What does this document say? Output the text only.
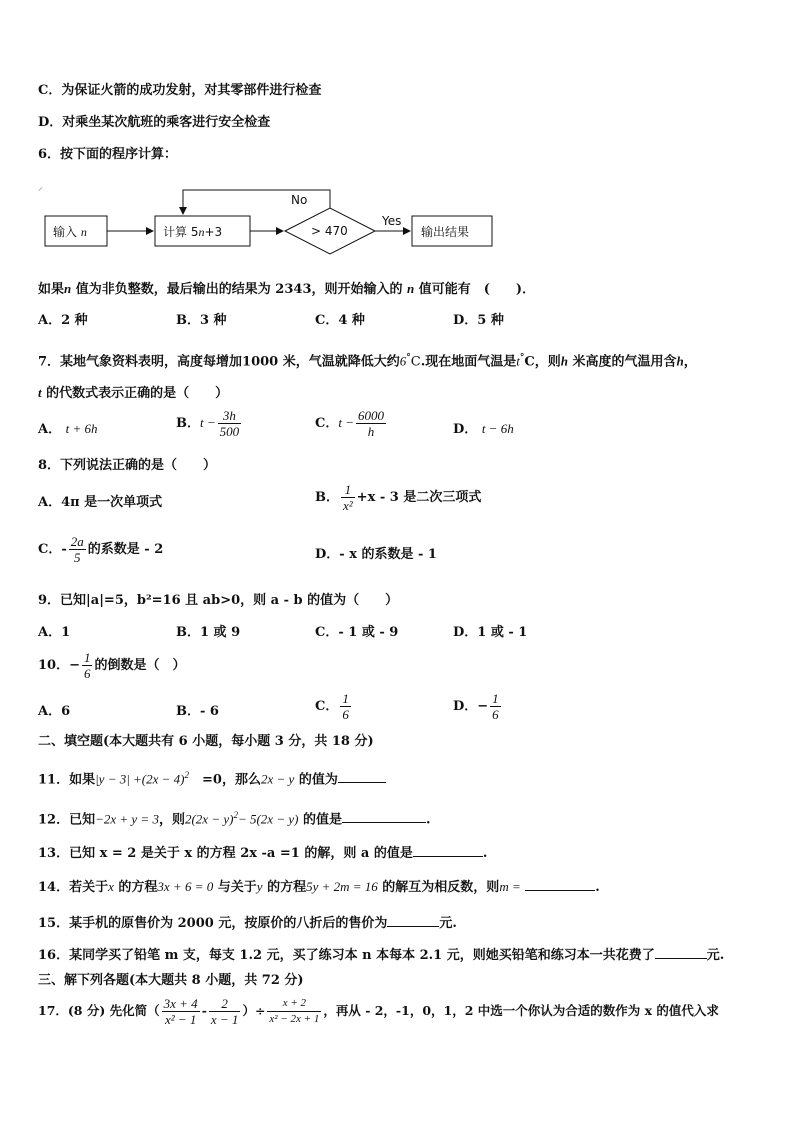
C．为保证火箭的成功发射，对其零部件进行检查
D．对乘坐某次航班的乘客进行安全检查
6．按下面的程序计算：
⸝
输入 n	计算 5n+3	> 470
No
Yes
输出结果
如果n 值为非负整数，最后输出的结果为 2343，则开始输入的 n 值可能有　(　　)．
A．2 种	B．3 种	C．4 种	D．5 种
7．某地气象资料表明，高度每增加1000 米，气温就降低大约6°C.现在地面气温是t°C，则h 米高度的气温用含h，
t 的代数式表示正确的是（　　）
A． t + 6h	B．$t - \frac{3h}{500}$	C．$t - \frac{6000}{h}$	D． t − 6h
8．下列说法正确的是（　　）
A．4π 是一次单项式	B． $\frac{1}{\text{x²}} +x - 3$ 是二次三项式
C．- $\frac{2a}{5}$ 的系数是 - 2	D．- x 的系数是 - 1
9．已知|a|=5，b²=16 且 ab>0，则 a - b 的值为（　　）
A．1	B．1 或 9	C．- 1 或 - 9	D．1 或 - 1
10．− $\frac{1}{6}$ 的倒数是（　）
A．6	B．- 6	C． $\frac{1}{6}$	D．− $\frac{1}{6}$
二、填空题(本大题共有 6 小题，每小题 3 分，共 18 分)
11．如果$|y - 3| +(2x - 4)^2$　 =0，那么2x − y 的值为
12．已知−2x + y = 3，则$2(2x - y)^2- 5(2x - y)$ 的值是	.
13．已知 x = 2 是关于 x 的方程 2x -a =1 的解，则 a 的值是	.
14．若关于x 的方程3x + 6 = 0 与关于y 的方程5y + 2m = 16 的解互为相反数，则m =	.
15．某手机的原售价为 2000 元，按原价的八折后的售价为	元.
16．某同学买了铅笔 m 支，每支 1.2 元，买了练习本 n 本每本 2.1 元，则她买铅笔和练习本一共花费了	元.
三、解下列各题(本大题共 8 小题，共 72 分)
17．(8 分) 先化简（ $\frac{3x + 4}{\text{x² − 1}} - \frac{2}{x - 1}$ ）÷ $\frac{x + 2}{\text{x² − 2x + 1}}$ ，再从 - 2，-1，0，1，2 中选一个你认为合适的数作为 x 的值代入求
